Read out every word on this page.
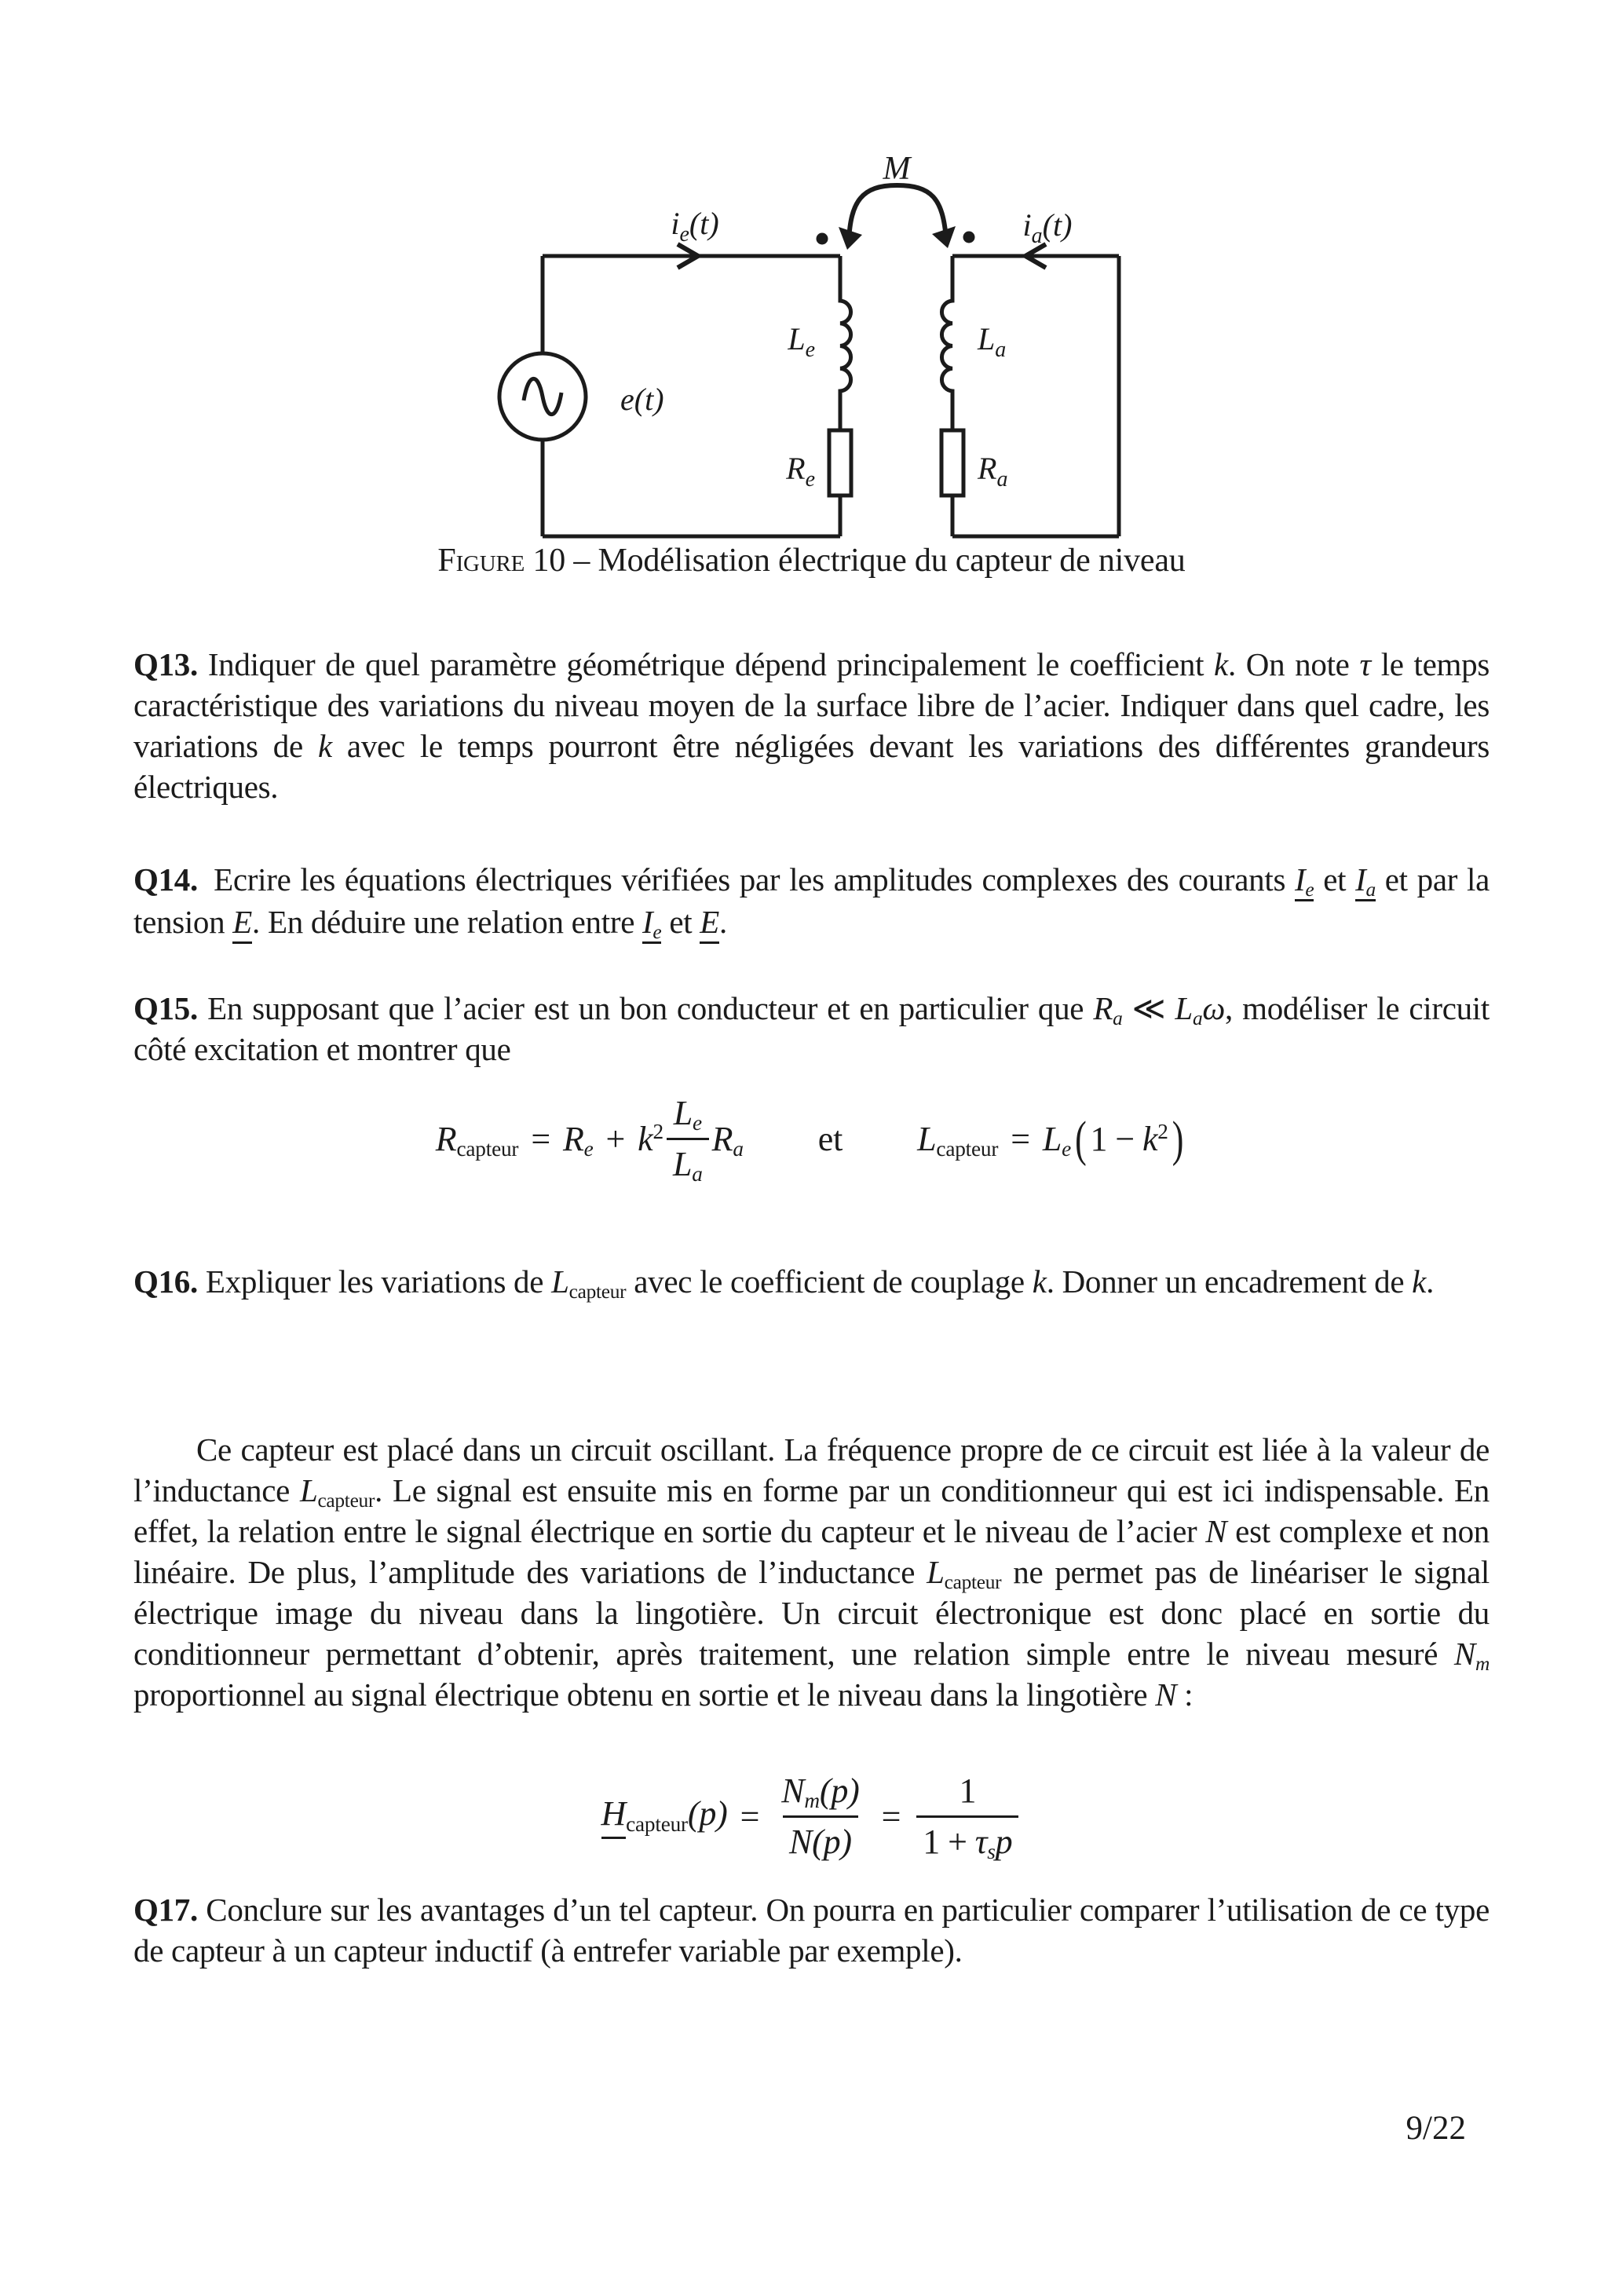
M
$i_e(t)$	$i_a(t)$
e(t)
$L_e$
$R_e$
$L_a$
$R_a$
Figure 10 – Modélisation électrique du capteur de niveau
Q13. Indiquer de quel paramètre géométrique dépend principalement le coefficient k. On note τ le temps caractéristique des variations du niveau moyen de la surface libre de l’acier. Indiquer dans quel cadre, les variations de k avec le temps pourront être négligées devant les variations des différentes grandeurs électriques.
Q14. Ecrire les équations électriques vérifiées par les amplitudes complexes des courants $I_e$ et $I_a$ et par la tension E. En déduire une relation entre $I_e$ et E.
Q15. En supposant que l’acier est un bon conducteur et en particulier que $R_a$ ≪ $L_a\omega$, modéliser le circuit côté excitation et montrer que
$R_{capteur} = R_e + k^2 \frac{L_e}{L_a} R_a$ et $L_{capteur} = L_e$ ( $1 - k^2$ )
Q16. Expliquer les variations de $L_{capteur}$ avec le coefficient de couplage k. Donner un encadrement de k.
Ce capteur est placé dans un circuit oscillant. La fréquence propre de ce circuit est liée à la valeur de l’inductance $L_{capteur}$. Le signal est ensuite mis en forme par un conditionneur qui est ici indispensable. En effet, la relation entre le signal électrique en sortie du capteur et le niveau de l’acier N est complexe et non linéaire. De plus, l’amplitude des variations de l’inductance $L_{capteur}$ ne permet pas de linéariser le signal électrique image du niveau dans la lingotière. Un circuit électronique est donc placé en sortie du conditionneur permettant d’obtenir, après traitement, une relation simple entre le niveau mesuré $N_m$ proportionnel au signal électrique obtenu en sortie et le niveau dans la lingotière N :
$H_{capteur}(p) = \frac{N_m(p)}{N(p)} = \frac{1}{1 + \tau_sp}$
Q17. Conclure sur les avantages d’un tel capteur. On pourra en particulier comparer l’utilisation de ce type de capteur à un capteur inductif (à entrefer variable par exemple).
9/22
